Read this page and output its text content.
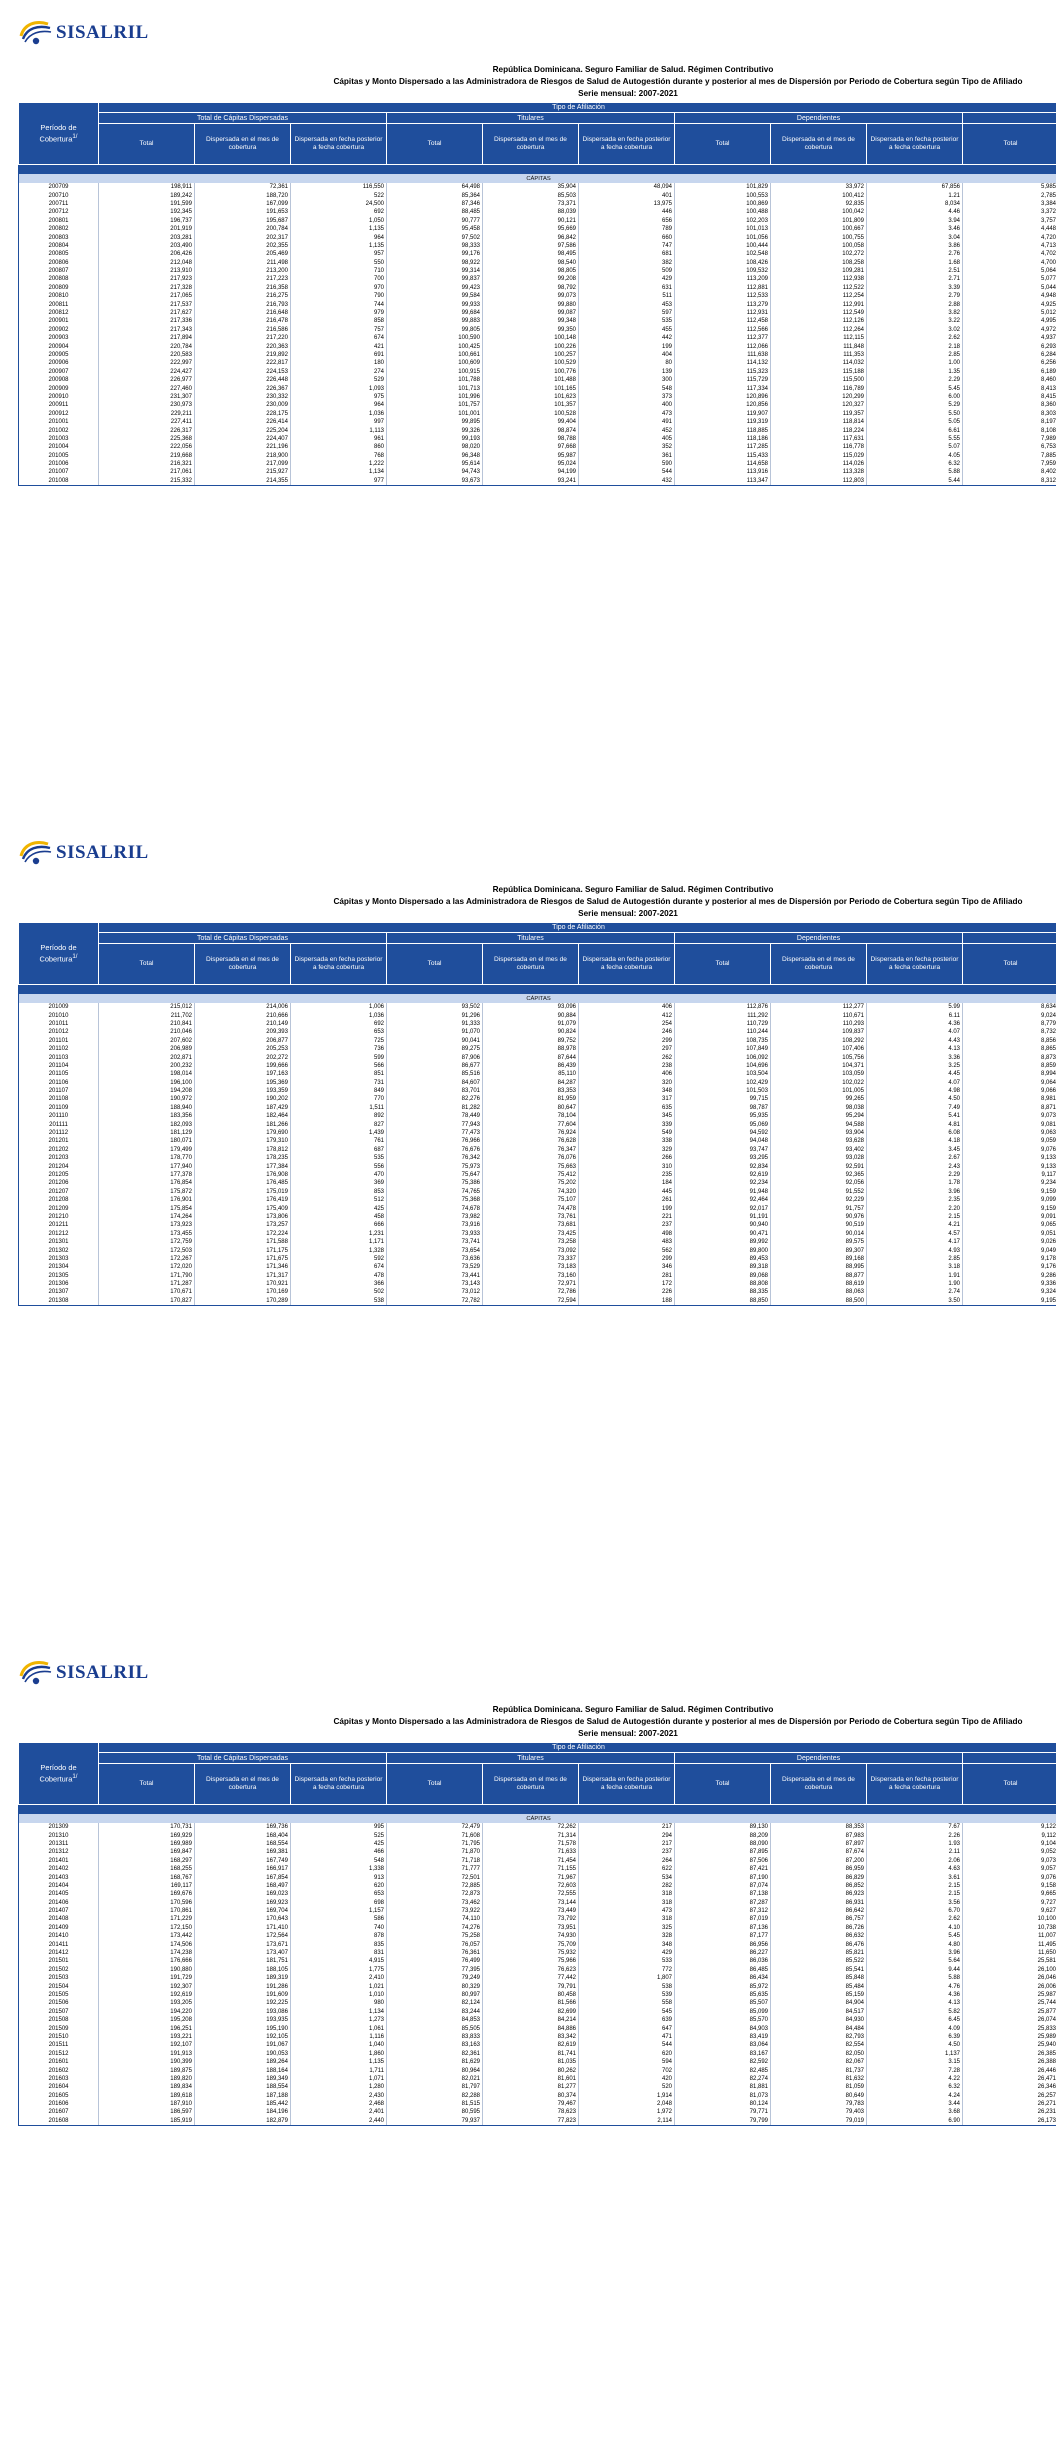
SISALRIL
República Dominicana. Seguro Familiar de Salud. Régimen Contributivo
Cápitas y Monto Dispersado a las Administradora de Riesgos de Salud de Autogestión durante y posterior al mes de Dispersión por Periodo de Cobertura según Tipo de Afiliado
Serie mensual: 2007-2021
Período de Cobertura$^{1/}$	Tipo de Afiliación									
	Total de Cápitas Dispersadas			Titulares			Dependientes			
	Total	Dispersada en el mes de cobertura	Dispersada en fecha posterior a fecha cobertura	Total	Dispersada en el mes de cobertura	Dispersada en fecha posterior a fecha cobertura	Total	Dispersada en el mes de cobertura	Dispersada en fecha posterior a fecha cobertura	Total

CÁPITAS										
200709	198,911	72,361	116,550	64,498	35,904	48,094	101,829	33,972	67,856	5,985
200710	189,242	188,720	522	85,364	85,503	401	100,553	100,412	1.21	2,785
200711	191,599	167,099	24,500	87,346	73,371	13,975	100,869	92,835	8,034	3,384
200712	192,345	191,653	692	88,485	88,039	446	100,488	100,042	4.46	3,372
200801	196,737	195,687	1,050	90,777	90,121	656	102,203	101,809	3.94	3,757
200802	201,919	200,784	1,135	95,458	95,669	789	101,013	100,667	3.46	4,448
200803	203,281	202,317	964	97,502	96,842	660	101,056	100,755	3.04	4,720
200804	203,490	202,355	1,135	98,333	97,586	747	100,444	100,058	3.86	4,713
200805	206,426	205,469	957	99,176	98,495	681	102,548	102,272	2.76	4,702
200806	212,048	211,498	550	98,922	98,540	382	108,426	108,258	1.68	4,700
200807	213,910	213,200	710	99,314	98,805	509	109,532	109,281	2.51	5,064
200808	217,923	217,223	700	99,837	99,208	429	113,209	112,938	2.71	5,077
200809	217,328	216,358	970	99,423	98,792	631	112,881	112,522	3.39	5,044
200810	217,065	216,275	790	99,584	99,073	511	112,533	112,254	2.79	4,948
200811	217,537	216,793	744	99,933	99,880	453	113,279	112,991	2.88	4,925
200812	217,627	216,648	979	99,684	99,087	597	112,931	112,549	3.82	5,012
200901	217,336	216,478	858	99,883	99,348	535	112,458	112,126	3.22	4,995
200902	217,343	216,586	757	99,805	99,350	455	112,566	112,264	3.02	4,972
200903	217,894	217,220	674	100,590	100,148	442	112,377	112,115	2.62	4,937
200904	220,784	220,363	421	100,425	100,226	199	112,066	111,848	2.18	6,293
200905	220,583	219,892	691	100,661	100,257	404	111,638	111,353	2.85	6,284
200906	222,997	222,817	180	100,609	100,529	80	114,132	114,032	1.00	6,256
200907	224,427	224,153	274	100,915	100,776	139	115,323	115,188	1.35	6,189
200908	226,977	226,448	529	101,788	101,488	300	115,729	115,500	2.29	8,460
200909	227,460	226,367	1,093	101,713	101,165	548	117,334	116,789	5.45	8,413
200910	231,307	230,332	975	101,996	101,623	373	120,896	120,299	6.00	8,415
200911	230,973	230,009	964	101,757	101,357	400	120,856	120,327	5.29	8,360
200912	229,211	228,175	1,036	101,001	100,528	473	119,907	119,357	5.50	8,303
201001	227,411	226,414	997	99,895	99,404	491	119,319	118,814	5.05	8,197
201002	226,317	225,204	1,113	99,326	98,874	452	118,885	118,224	6.61	8,108
201003	225,368	224,407	961	99,193	98,788	405	118,186	117,631	5.55	7,989
201004	222,056	221,196	860	98,020	97,668	352	117,285	116,778	5.07	6,753
201005	219,668	218,900	768	96,348	95,987	361	115,433	115,029	4.05	7,885
201006	216,321	217,099	1,222	95,614	95,024	590	114,658	114,026	6.32	7,959
201007	217,061	215,927	1,134	94,743	94,199	544	113,916	113,328	5.88	8,402
201008	215,332	214,355	977	93,673	93,241	432	113,347	112,803	5.44	8,312
SISALRIL
República Dominicana. Seguro Familiar de Salud. Régimen Contributivo
Cápitas y Monto Dispersado a las Administradora de Riesgos de Salud de Autogestión durante y posterior al mes de Dispersión por Periodo de Cobertura según Tipo de Afiliado
Serie mensual: 2007-2021
Período de Cobertura$^{1/}$	Tipo de Afiliación									
	Total de Cápitas Dispersadas			Titulares			Dependientes			
	Total	Dispersada en el mes de cobertura	Dispersada en fecha posterior a fecha cobertura	Total	Dispersada en el mes de cobertura	Dispersada en fecha posterior a fecha cobertura	Total	Dispersada en el mes de cobertura	Dispersada en fecha posterior a fecha cobertura	Total

CÁPITAS										
201009	215,012	214,006	1,006	93,502	93,096	406	112,876	112,277	5.99	8,634
201010	211,702	210,666	1,036	91,296	90,884	412	111,292	110,671	6.11	9,024
201011	210,841	210,149	692	91,333	91,079	254	110,729	110,293	4.36	8,779
201012	210,046	209,393	653	91,070	90,824	246	110,244	109,837	4.07	8,732
201101	207,602	206,877	725	90,041	89,752	299	108,735	108,292	4.43	8,856
201102	206,989	205,253	736	89,275	88,978	297	107,849	107,406	4.13	8,865
201103	202,871	202,272	599	87,906	87,644	262	106,092	105,756	3.36	8,873
201104	200,232	199,666	566	86,677	86,439	238	104,696	104,371	3.25	8,859
201105	198,014	197,163	851	85,516	85,110	406	103,504	103,059	4.45	8,994
201106	196,100	195,369	731	84,607	84,287	320	102,429	102,022	4.07	9,064
201107	194,208	193,359	849	83,701	83,353	348	101,503	101,005	4.98	9,066
201108	190,972	190,202	770	82,276	81,959	317	99,715	99,265	4.50	8,981
201109	188,940	187,429	1,511	81,282	80,647	635	98,787	98,038	7.49	8,871
201110	183,356	182,464	892	78,449	78,104	345	95,935	95,294	5.41	9,073
201111	182,093	181,266	827	77,943	77,604	339	95,069	94,588	4.81	9,081
201112	181,129	179,690	1,439	77,473	76,924	549	94,592	93,904	6.08	9,063
201201	180,071	179,310	761	76,966	76,628	338	94,048	93,628	4.18	9,059
201202	179,499	178,812	687	76,676	76,347	329	93,747	93,402	3.45	9,076
201203	178,770	178,235	535	76,342	76,076	266	93,295	93,028	2.67	9,133
201204	177,940	177,384	556	75,973	75,663	310	92,834	92,591	2.43	9,133
201205	177,378	176,908	470	75,647	75,412	235	92,619	92,365	2.29	9,117
201206	176,854	176,485	369	75,386	75,202	184	92,234	92,056	1.78	9,234
201207	175,872	175,019	853	74,765	74,320	445	91,948	91,552	3.96	9,159
201208	176,901	176,419	512	75,368	75,107	261	92,464	92,229	2.35	9,099
201209	175,854	175,409	425	74,678	74,478	199	92,017	91,757	2.20	9,159
201210	174,264	173,806	458	73,982	73,761	221	91,191	90,976	2.15	9,091
201211	173,923	173,257	666	73,916	73,681	237	90,940	90,519	4.21	9,065
201212	173,455	172,224	1,231	73,933	73,425	498	90,471	90,014	4.57	9,051
201301	172,759	171,588	1,171	73,741	73,258	483	89,992	89,575	4.17	9,026
201302	172,503	171,175	1,328	73,654	73,092	562	89,800	89,307	4.93	9,049
201303	172,267	171,675	592	73,636	73,337	299	89,453	89,168	2.85	9,178
201304	172,020	171,346	674	73,529	73,183	346	89,318	88,995	3.18	9,176
201305	171,790	171,317	478	73,441	73,160	281	89,068	88,877	1.91	9,286
201306	171,287	170,921	366	73,143	72,971	172	88,808	88,619	1.90	9,336
201307	170,671	170,169	502	73,012	72,786	226	88,335	88,063	2.74	9,324
201308	170,827	170,289	538	72,782	72,594	188	88,850	88,500	3.50	9,195
SISALRIL
República Dominicana. Seguro Familiar de Salud. Régimen Contributivo
Cápitas y Monto Dispersado a las Administradora de Riesgos de Salud de Autogestión durante y posterior al mes de Dispersión por Periodo de Cobertura según Tipo de Afiliado
Serie mensual: 2007-2021
Período de Cobertura$^{1/}$	Tipo de Afiliación									
	Total de Cápitas Dispersadas			Titulares			Dependientes			
	Total	Dispersada en el mes de cobertura	Dispersada en fecha posterior a fecha cobertura	Total	Dispersada en el mes de cobertura	Dispersada en fecha posterior a fecha cobertura	Total	Dispersada en el mes de cobertura	Dispersada en fecha posterior a fecha cobertura	Total

CÁPITAS										
201309	170,731	169,736	995	72,479	72,262	217	89,130	88,353	7.67	9,122
201310	169,929	168,404	525	71,608	71,314	294	88,209	87,983	2.26	9,112
201311	169,989	168,554	425	71,795	71,578	217	88,090	87,897	1.93	9,104
201312	169,847	169,381	466	71,870	71,633	237	87,895	87,674	2.11	9,052
201401	168,297	167,749	548	71,718	71,454	264	87,506	87,200	2.06	9,073
201402	168,255	166,917	1,338	71,777	71,155	622	87,421	86,959	4.63	9,057
201403	168,767	167,854	913	72,501	71,967	534	87,190	86,829	3.61	9,076
201404	169,117	168,497	620	72,885	72,603	282	87,074	86,852	2.15	9,158
201405	169,676	169,023	653	72,873	72,555	318	87,138	86,923	2.15	9,665
201406	170,596	169,923	698	73,462	73,144	318	87,287	86,931	3.56	9,727
201407	170,861	169,704	1,157	73,922	73,449	473	87,312	86,642	6.70	9,627
201408	171,229	170,643	586	74,110	73,792	318	87,019	86,757	2.62	10,100
201409	172,150	171,410	740	74,276	73,951	325	87,136	86,726	4.10	10,738
201410	173,442	172,564	878	75,258	74,930	328	87,177	86,632	5.45	11,007
201411	174,506	173,671	835	76,057	75,709	348	86,956	86,476	4.80	11,495
201412	174,238	173,407	831	76,361	75,932	429	86,227	85,821	3.96	11,650
201501	176,666	181,751	4,915	76,499	75,966	533	86,036	85,522	5.64	25,581
201502	190,880	188,105	1,775	77,395	76,623	772	86,485	85,541	9.44	26,100
201503	191,729	189,319	2,410	79,249	77,442	1,807	86,434	85,848	5.88	26,046
201504	192,307	191,286	1,021	80,329	79,791	538	85,972	85,484	4.76	26,006
201505	192,619	191,609	1,010	80,997	80,458	539	85,635	85,159	4.36	25,987
201506	193,205	192,225	980	82,124	81,566	558	85,507	84,904	4.13	25,744
201507	194,220	193,086	1,134	83,244	82,699	545	85,099	84,517	5.82	25,877
201508	195,208	193,935	1,273	84,853	84,214	639	85,570	84,930	6.45	26,074
201509	196,251	195,190	1,061	85,505	84,886	647	84,903	84,484	4.09	25,833
201510	193,221	192,105	1,116	83,833	83,342	471	83,419	82,793	6.39	25,989
201511	192,107	191,067	1,040	83,163	82,619	544	83,064	82,554	4.50	25,940
201512	191,913	190,053	1,860	82,361	81,741	620	83,167	82,050	1,137	26,385
201601	190,399	189,264	1,135	81,629	81,035	594	82,592	82,067	3.15	26,388
201602	189,875	188,164	1,711	80,964	80,262	702	82,485	81,737	7.28	26,446
201603	189,820	189,349	1,071	82,021	81,601	420	82,274	81,632	4.22	26,471
201604	189,834	188,554	1,280	81,797	81,277	520	81,881	81,059	6.32	26,346
201605	189,618	187,188	2,430	82,288	80,374	1,914	81,073	80,649	4.24	26,257
201606	187,910	185,442	2,468	81,515	79,467	2,048	80,124	79,783	3.44	26,271
201607	186,597	184,196	2,401	80,595	78,623	1,972	79,771	79,403	3.68	26,231
201608	185,919	182,879	2,440	79,937	77,823	2,114	79,799	79,019	6.90	26,173
